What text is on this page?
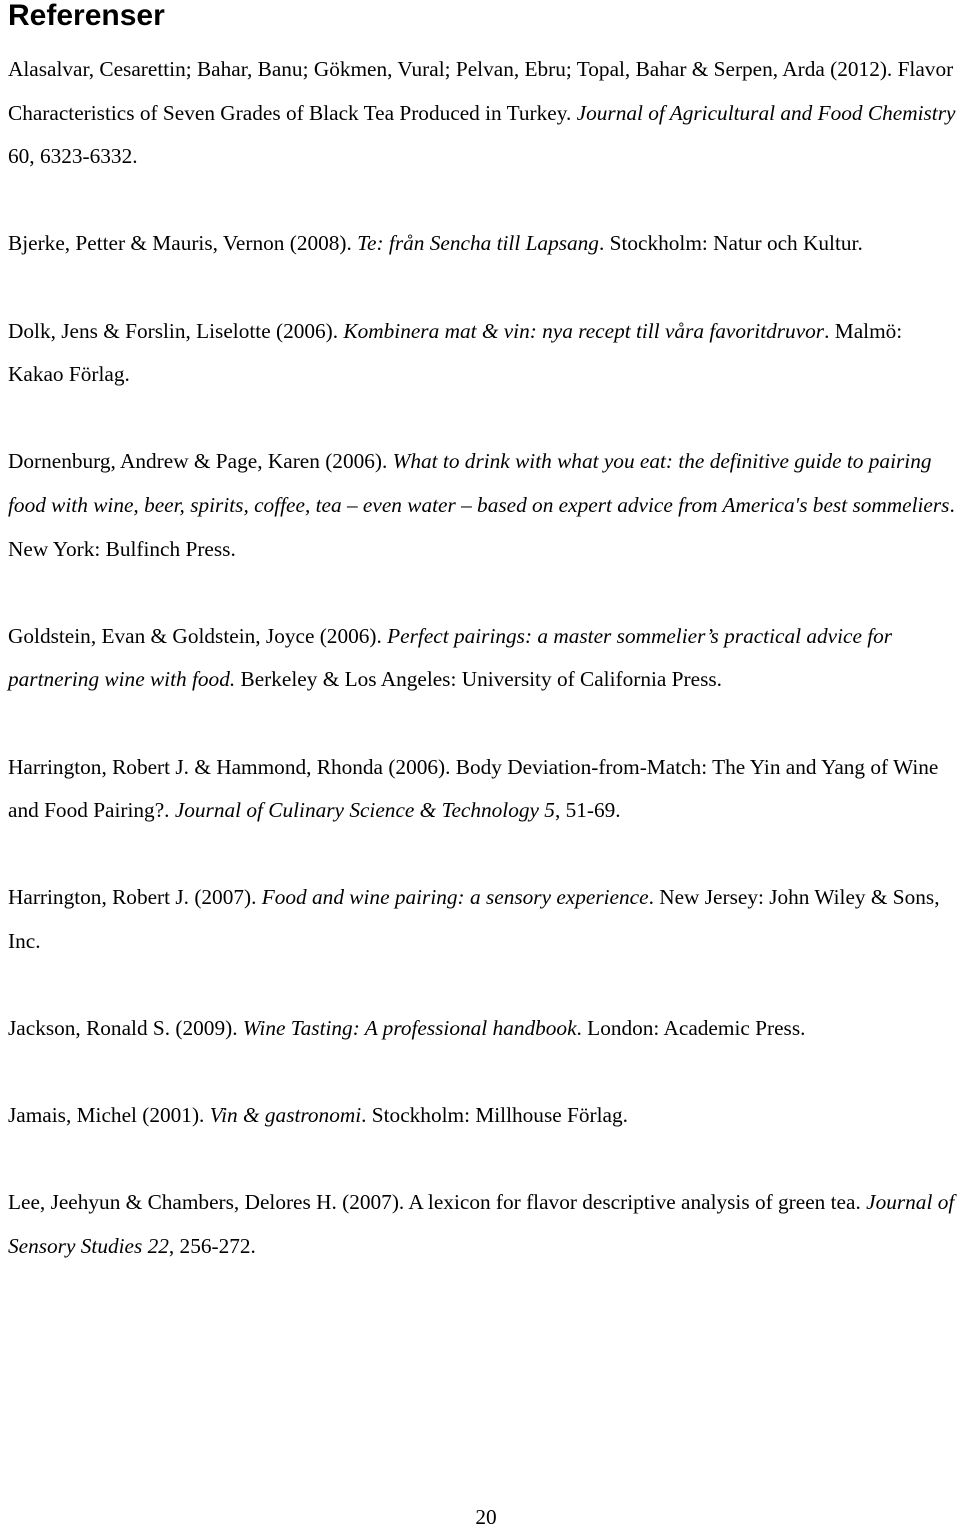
Referenser

Alasalvar, Cesarettin; Bahar, Banu; Gökmen, Vural; Pelvan, Ebru; Topal, Bahar & Serpen, Arda (2012). Flavor Characteristics of Seven Grades of Black Tea Produced in Turkey. Journal of Agricultural and Food Chemistry 60, 6323-6332.

Bjerke, Petter & Mauris, Vernon (2008). Te: från Sencha till Lapsang. Stockholm: Natur och Kultur.

Dolk, Jens & Forslin, Liselotte (2006). Kombinera mat & vin: nya recept till våra favoritdruvor. Malmö: Kakao Förlag.

Dornenburg, Andrew & Page, Karen (2006). What to drink with what you eat: the definitive guide to pairing food with wine, beer, spirits, coffee, tea – even water – based on expert advice from America's best sommeliers. New York: Bulfinch Press.

Goldstein, Evan & Goldstein, Joyce (2006). Perfect pairings: a master sommelier’s practical advice for partnering wine with food. Berkeley & Los Angeles: University of California Press.

Harrington, Robert J. & Hammond, Rhonda (2006). Body Deviation-from-Match: The Yin and Yang of Wine and Food Pairing?. Journal of Culinary Science & Technology 5, 51-69.

Harrington, Robert J. (2007). Food and wine pairing: a sensory experience. New Jersey: John Wiley & Sons, Inc.

Jackson, Ronald S. (2009). Wine Tasting: A professional handbook. London: Academic Press.

Jamais, Michel (2001). Vin & gastronomi. Stockholm: Millhouse Förlag.

Lee, Jeehyun & Chambers, Delores H. (2007). A lexicon for flavor descriptive analysis of green tea. Journal of Sensory Studies 22, 256-272.

20
